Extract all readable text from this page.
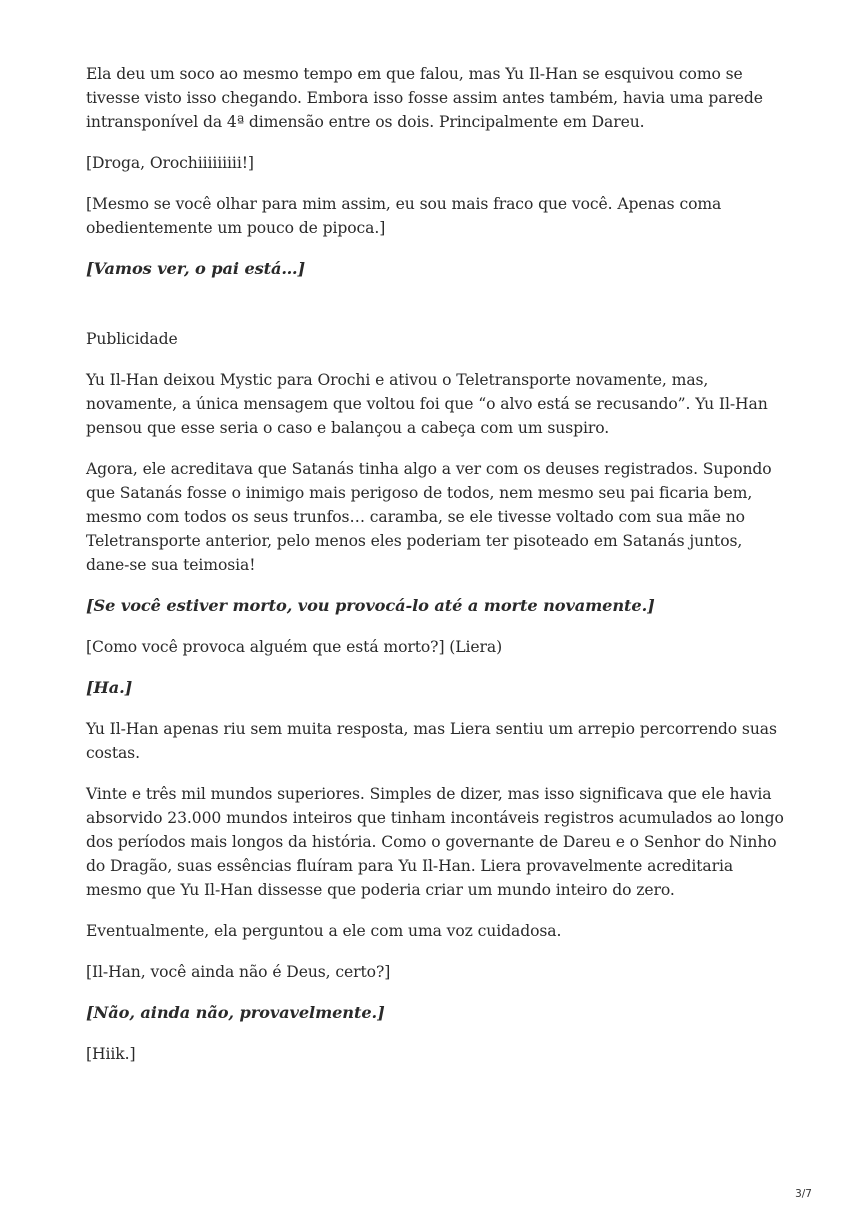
Ela deu um soco ao mesmo tempo em que falou, mas Yu Il-Han se esquivou como se tivesse visto isso chegando. Embora isso fosse assim antes também, havia uma parede intransponível da 4ª dimensão entre os dois. Principalmente em Dareu.

[Droga, Orochiiiiiiiii!]

[Mesmo se você olhar para mim assim, eu sou mais fraco que você. Apenas coma obedientemente um pouco de pipoca.]

[Vamos ver, o pai está…]

Publicidade

Yu Il-Han deixou Mystic para Orochi e ativou o Teletransporte novamente, mas, novamente, a única mensagem que voltou foi que “o alvo está se recusando”. Yu Il-Han pensou que esse seria o caso e balançou a cabeça com um suspiro.

Agora, ele acreditava que Satanás tinha algo a ver com os deuses registrados. Supondo que Satanás fosse o inimigo mais perigoso de todos, nem mesmo seu pai ficaria bem, mesmo com todos os seus trunfos… caramba, se ele tivesse voltado com sua mãe no Teletransporte anterior, pelo menos eles poderiam ter pisoteado em Satanás juntos, dane-se sua teimosia!

[Se você estiver morto, vou provocá-lo até a morte novamente.]

[Como você provoca alguém que está morto?] (Liera)

[Ha.]

Yu Il-Han apenas riu sem muita resposta, mas Liera sentiu um arrepio percorrendo suas costas.

Vinte e três mil mundos superiores. Simples de dizer, mas isso significava que ele havia absorvido 23.000 mundos inteiros que tinham incontáveis registros acumulados ao longo dos períodos mais longos da história. Como o governante de Dareu e o Senhor do Ninho do Dragão, suas essências fluíram para Yu Il-Han. Liera provavelmente acreditaria mesmo que Yu Il-Han dissesse que poderia criar um mundo inteiro do zero.

Eventualmente, ela perguntou a ele com uma voz cuidadosa.

[Il-Han, você ainda não é Deus, certo?]

[Não, ainda não, provavelmente.]

[Hiik.]

3/7
